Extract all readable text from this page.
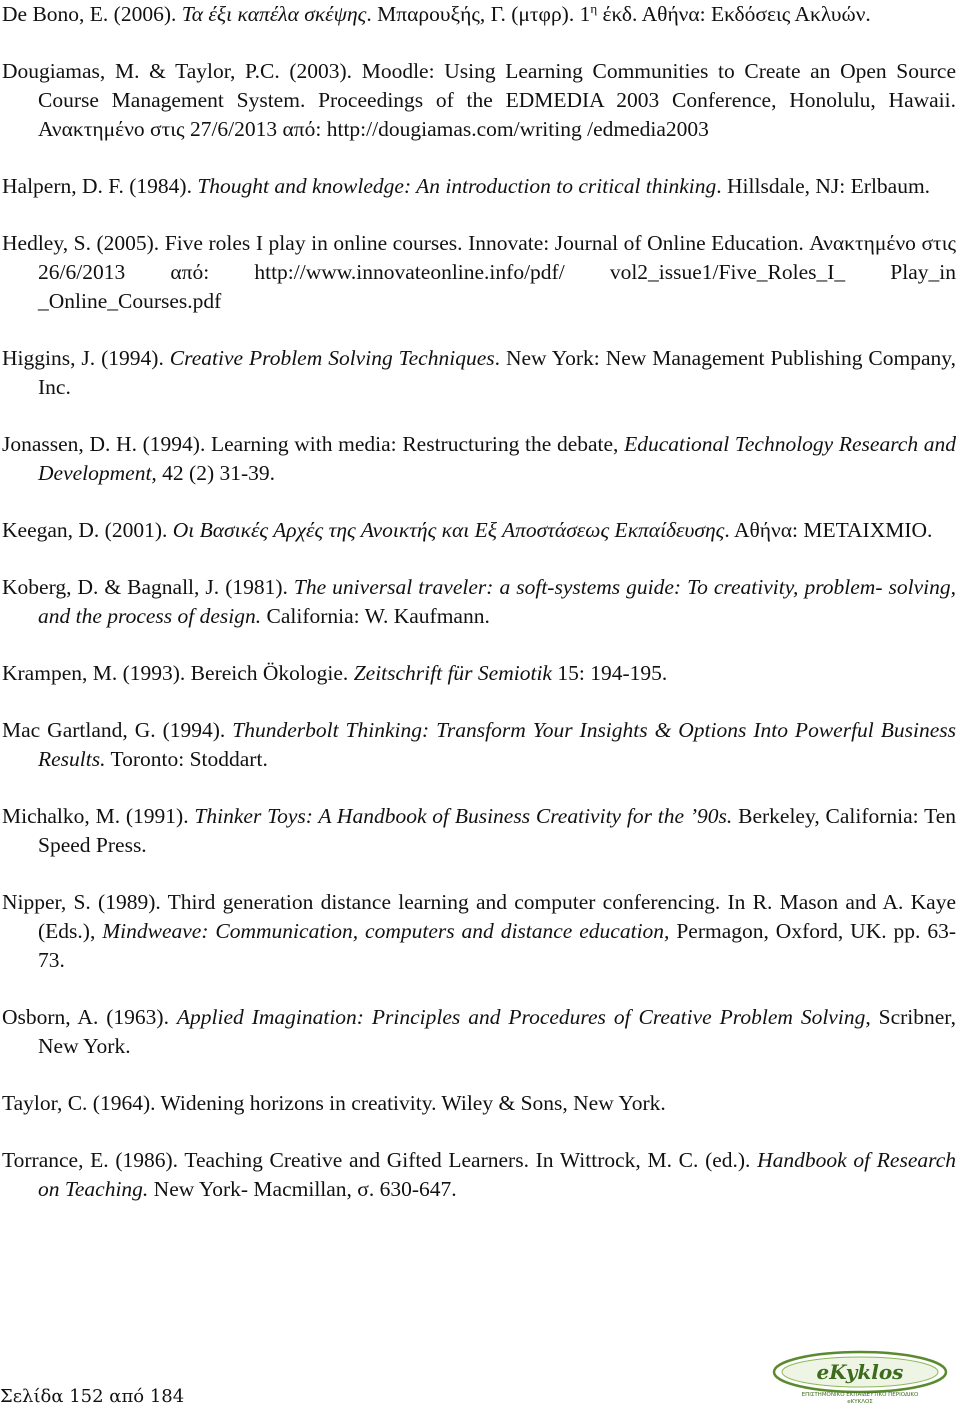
De Bono, E. (2006). Τα έξι καπέλα σκέψης. Μπαρουξής, Γ. (μτφρ). $1^\eta$ έκδ. Αθήνα: Εκδόσεις Ακλυών.

Dougiamas, M. & Taylor, P.C. (2003). Moodle: Using Learning Communities to Create an Open Source Course Management System. Proceedings of the EDMEDIA 2003 Conference, Honolulu, Hawaii. Ανακτημένο στις 27/6/2013 από: http://dougiamas.com/writing /edmedia2003

Halpern, D. F. (1984). Thought and knowledge: An introduction to critical thinking. Hillsdale, NJ: Erlbaum.

Hedley, S. (2005). Five roles I play in online courses. Innovate: Journal of Online Education. Ανακτημένο στις 26/6/2013 από: http://www.innovateonline.info/pdf/ vol2_issue1/Five_Roles_I_ Play_in _Online_Courses.pdf

Higgins, J. (1994). Creative Problem Solving Techniques. New York: New Management Publishing Company, Inc.

Jonassen, D. H. (1994). Learning with media: Restructuring the debate, Educational Technology Research and Development, 42 (2) 31-39.

Keegan, D. (2001). Οι Βασικές Αρχές της Ανοικτής και Εξ Αποστάσεως Εκπαίδευσης. Αθήνα: ΜΕΤΑΙΧΜΙΟ.

Koberg, D. & Bagnall, J. (1981). The universal traveler: a soft-systems guide: To creativity, problem- solving, and the process of design. California: W. Kaufmann.

Krampen, M. (1993). Bereich Ökologie. Zeitschrift für Semiotik 15: 194-195.

Mac Gartland, G. (1994). Thunderbolt Thinking: Transform Your Insights & Options Into Powerful Business Results. Toronto: Stoddart.

Michalko, M. (1991). Thinker Toys: A Handbook of Business Creativity for the ’90s. Berkeley, California: Ten Speed Press.

Nipper, S. (1989). Third generation distance learning and computer conferencing. In R. Mason and A. Kaye (Eds.), Mindweave: Communication, computers and distance education, Permagon, Oxford, UK. pp. 63-73.

Osborn, A. (1963). Applied Imagination: Principles and Procedures of Creative Problem Solving, Scribner, New York.

Taylor, C. (1964). Widening horizons in creativity. Wiley & Sons, New York.

Torrance, E. (1986). Teaching Creative and Gifted Learners. In Wittrock, M. C. (ed.). Handbook of Research on Teaching. New York- Macmillan, σ. 630-647.

Σελίδα 152 από 184
eKyklos
ΕΠΙΣΤΗΜΟΝΙΚΟ ΕΚΠΑΙΔΕΥΤΙΚΟ ΠΕΡΙΟΔΙΚΟ
eΚΥΚΛΟΣ
